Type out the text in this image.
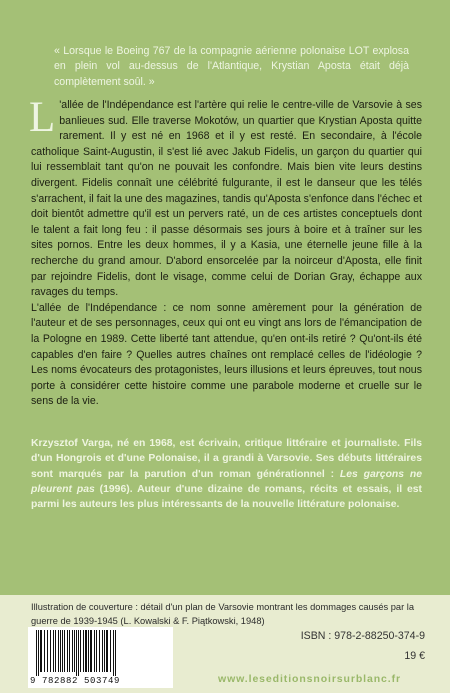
« Lorsque le Boeing 767 de la compagnie aérienne polonaise LOT explosa en plein vol au-dessus de l'Atlantique, Krystian Aposta était déjà complètement soûl. »

L 'allée de l'Indépendance est l'artère qui relie le centre-ville de Varsovie à ses banlieues sud. Elle traverse Mokotów, un quartier que Krystian Aposta quitte rarement. Il y est né en 1968 et il y est resté. En secondaire, à l'école catholique Saint-Augustin, il s'est lié avec Jakub Fidelis, un garçon du quartier qui lui ressemblait tant qu'on ne pouvait les confondre. Mais bien vite leurs destins divergent. Fidelis connaît une célébrité fulgurante, il est le danseur que les télés s'arrachent, il fait la une des magazines, tandis qu'Aposta s'enfonce dans l'échec et doit bientôt admettre qu'il est un pervers raté, un de ces artistes conceptuels dont le talent a fait long feu : il passe désormais ses jours à boire et à traîner sur les sites pornos. Entre les deux hommes, il y a Kasia, une éternelle jeune fille à la recherche du grand amour. D'abord ensorcelée par la noirceur d'Aposta, elle finit par rejoindre Fidelis, dont le visage, comme celui de Dorian Gray, échappe aux ravages du temps.

L'allée de l'Indépendance : ce nom sonne amèrement pour la génération de l'auteur et de ses personnages, ceux qui ont eu vingt ans lors de l'émancipation de la Pologne en 1989. Cette liberté tant attendue, qu'en ont-ils retiré ? Qu'ont-ils été capables d'en faire ? Quelles autres chaînes ont remplacé celles de l'idéologie ? Les noms évocateurs des protagonistes, leurs illusions et leurs épreuves, tout nous porte à considérer cette histoire comme une parabole moderne et cruelle sur le sens de la vie.

Krzysztof Varga, né en 1968, est écrivain, critique littéraire et journaliste. Fils d'un Hongrois et d'une Polonaise, il a grandi à Varsovie. Ses débuts littéraires sont marqués par la parution d'un roman générationnel : Les garçons ne pleurent pas (1996). Auteur d'une dizaine de romans, récits et essais, il est parmi les auteurs les plus intéressants de la nouvelle littérature polonaise.
Illustration de couverture : détail d'un plan de Varsovie montrant les dommages causés par la guerre de 1939-1945 (L. Kowalski & F. Piątkowski, 1948)
9 782882 503749
ISBN : 978-2-88250-374-9
19 €
www.leseditionsnoirsurblanc.fr
